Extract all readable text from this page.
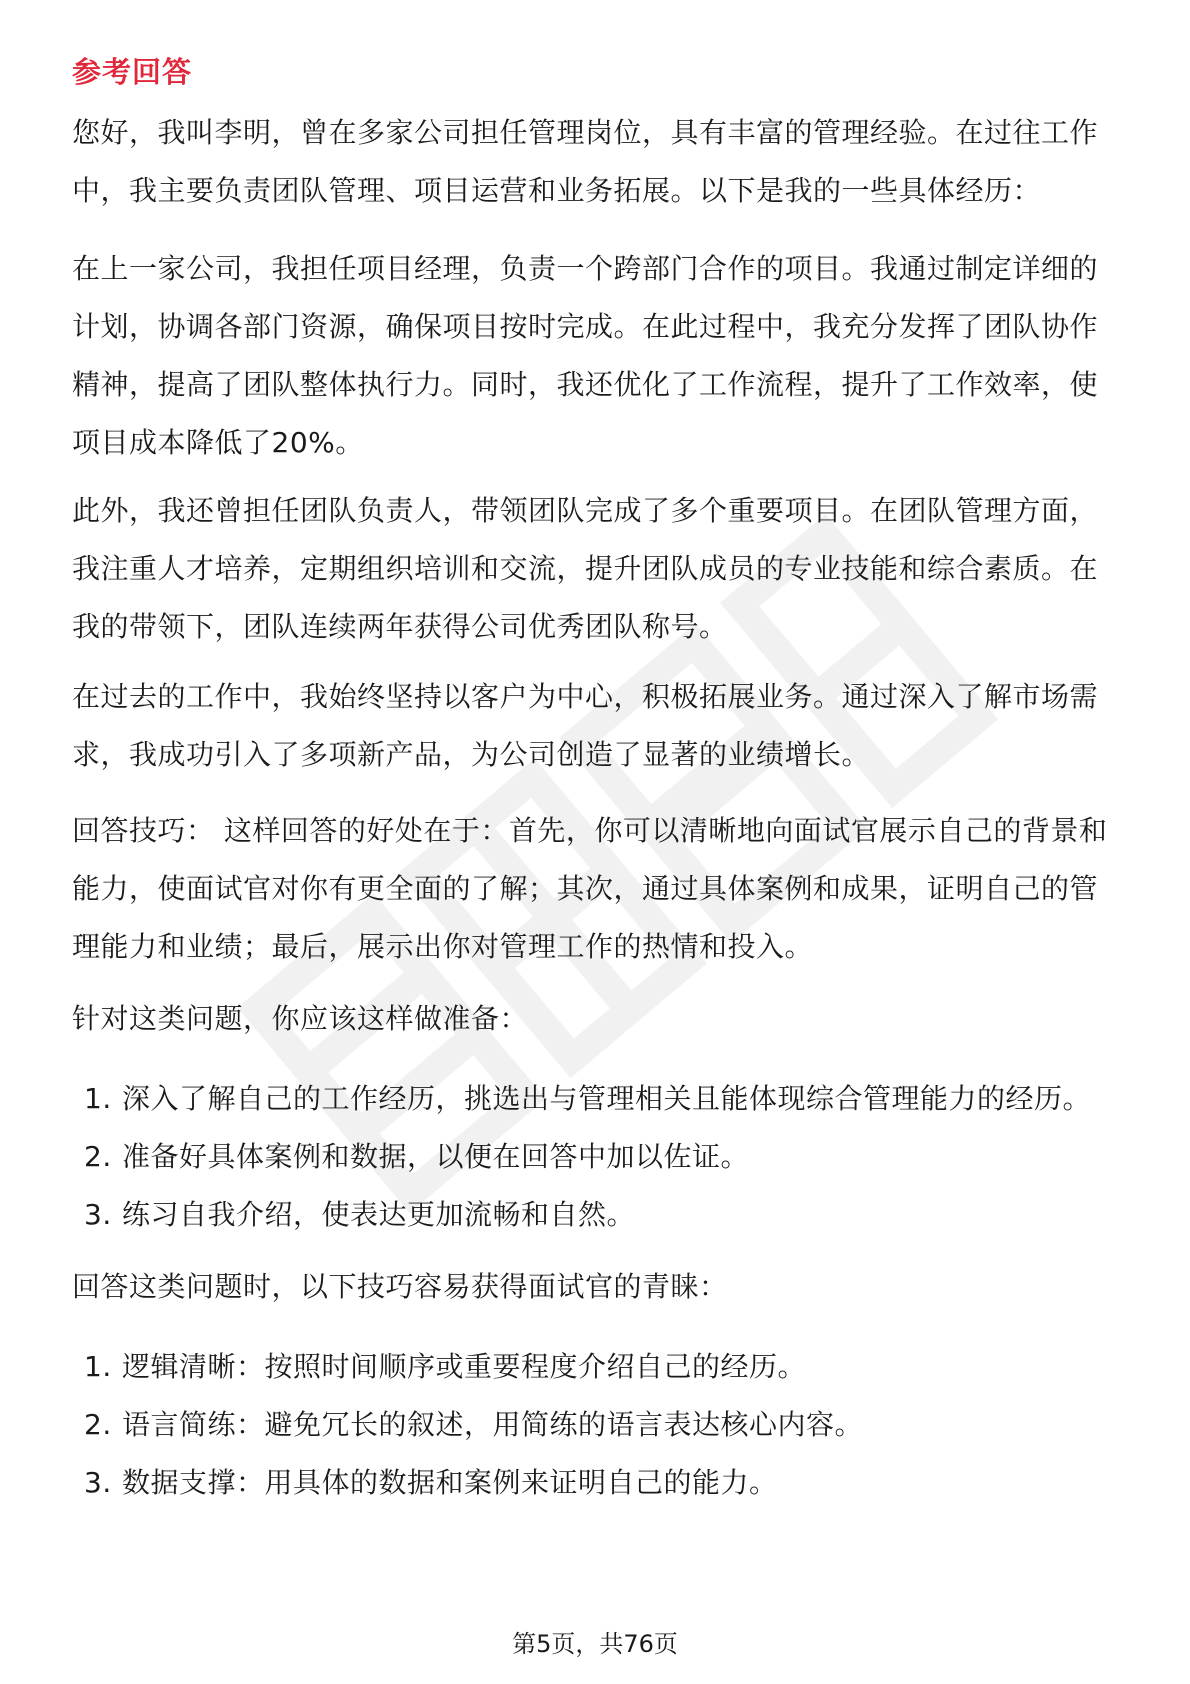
参考回答

您好，我叫李明，曾在多家公司担任管理岗位，具有丰富的管理经验。在过往工作中，我主要负责团队管理、项目运营和业务拓展。以下是我的一些具体经历：

在上一家公司，我担任项目经理，负责一个跨部门合作的项目。我通过制定详细的计划，协调各部门资源，确保项目按时完成。在此过程中，我充分发挥了团队协作精神，提高了团队整体执行力。同时，我还优化了工作流程，提升了工作效率，使项目成本降低了20%。

此外，我还曾担任团队负责人，带领团队完成了多个重要项目。在团队管理方面，我注重人才培养，定期组织培训和交流，提升团队成员的专业技能和综合素质。在我的带领下，团队连续两年获得公司优秀团队称号。

在过去的工作中，我始终坚持以客户为中心，积极拓展业务。通过深入了解市场需求，我成功引入了多项新产品，为公司创造了显著的业绩增长。

回答技巧： 这样回答的好处在于：首先，你可以清晰地向面试官展示自己的背景和能力，使面试官对你有更全面的了解；其次，通过具体案例和成果，证明自己的管理能力和业绩；最后，展示出你对管理工作的热情和投入。

针对这类问题，你应该这样做准备：

1. 深入了解自己的工作经历，挑选出与管理相关且能体现综合管理能力的经历。
2. 准备好具体案例和数据，以便在回答中加以佐证。
3. 练习自我介绍，使表达更加流畅和自然。

回答这类问题时，以下技巧容易获得面试官的青睐：

1. 逻辑清晰：按照时间顺序或重要程度介绍自己的经历。
2. 语言简练：避免冗长的叙述，用简练的语言表达核心内容。
3. 数据支撑：用具体的数据和案例来证明自己的能力。
第5页，共76页
